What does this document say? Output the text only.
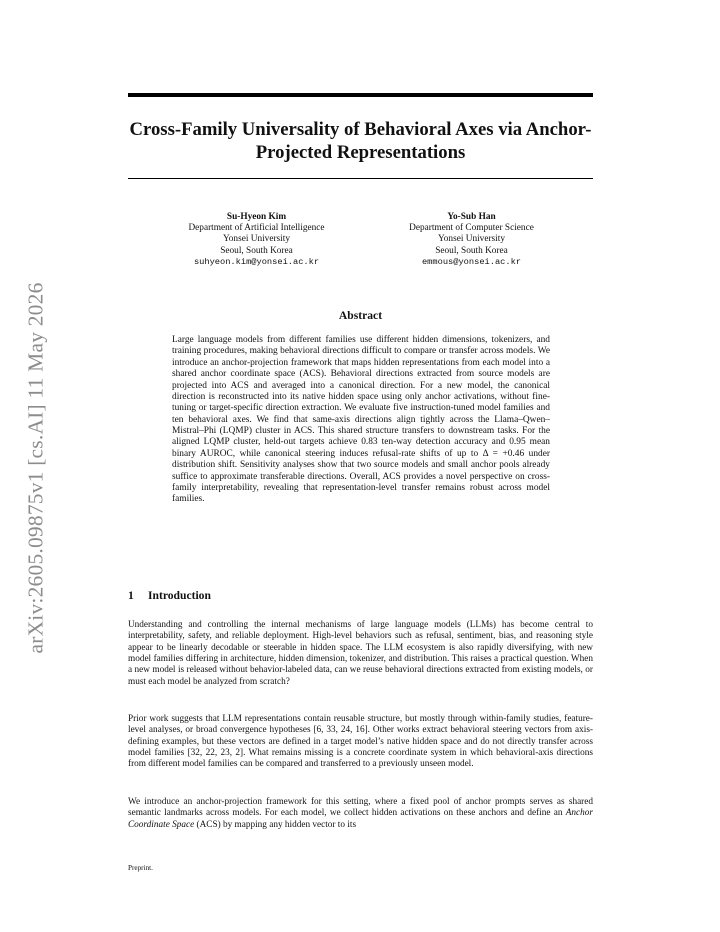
arXiv:2605.09875v1 [cs.AI] 11 May 2026
Cross-Family Universality of Behavioral Axes via Anchor-Projected Representations
Su-Hyeon Kim
Department of Artificial Intelligence
Yonsei University
Seoul, South Korea
suhyeon.kim@yonsei.ac.kr
Yo-Sub Han
Department of Computer Science
Yonsei University
Seoul, South Korea
emmous@yonsei.ac.kr
Abstract

Large language models from different families use different hidden dimensions, tokenizers, and training procedures, making behavioral directions difficult to compare or transfer across models. We introduce an anchor-projection framework that maps hidden representations from each model into a shared anchor coordinate space (ACS). Behavioral directions extracted from source models are projected into ACS and averaged into a canonical direction. For a new model, the canonical direction is reconstructed into its native hidden space using only anchor activations, without fine-tuning or target-specific direction extraction. We evaluate five instruction-tuned model families and ten behavioral axes. We find that same-axis directions align tightly across the Llama–Qwen–Mistral–Phi (LQMP) cluster in ACS. This shared structure transfers to downstream tasks. For the aligned LQMP cluster, held-out targets achieve 0.83 ten-way detection accuracy and 0.95 mean binary AUROC, while canonical steering induces refusal-rate shifts of up to Δ = +0.46 under distribution shift. Sensitivity analyses show that two source models and small anchor pools already suffice to approximate transferable directions. Overall, ACS provides a novel perspective on cross-family interpretability, revealing that representation-level transfer remains robust across model families.

1 Introduction

Understanding and controlling the internal mechanisms of large language models (LLMs) has become central to interpretability, safety, and reliable deployment. High-level behaviors such as refusal, sentiment, bias, and reasoning style appear to be linearly decodable or steerable in hidden space. The LLM ecosystem is also rapidly diversifying, with new model families differing in architecture, hidden dimension, tokenizer, and distribution. This raises a practical question. When a new model is released without behavior-labeled data, can we reuse behavioral directions extracted from existing models, or must each model be analyzed from scratch?

Prior work suggests that LLM representations contain reusable structure, but mostly through within-family studies, feature-level analyses, or broad convergence hypotheses [6, 33, 24, 16]. Other works extract behavioral steering vectors from axis-defining examples, but these vectors are defined in a target model’s native hidden space and do not directly transfer across model families [32, 22, 23, 2]. What remains missing is a concrete coordinate system in which behavioral-axis directions from different model families can be compared and transferred to a previously unseen model.

We introduce an anchor-projection framework for this setting, where a fixed pool of anchor prompts serves as shared semantic landmarks across models. For each model, we collect hidden activations on these anchors and define an Anchor Coordinate Space (ACS) by mapping any hidden vector to its

Preprint.
